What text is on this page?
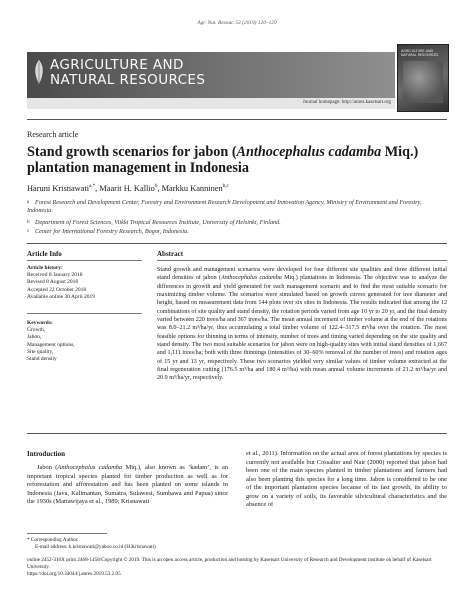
Agr. Nat. Resour. 53 (2019) 120–129
AGRICULTURE AND
NATURAL RESOURCES
Journal homepage: http://anres.kasetsart.org
AGRICULTURE AND NATURAL RESOURCES
Research article
Stand growth scenarios for jabon (Anthocephalus cadamba Miq.) plantation management in Indonesia
Haruni Krisnawati$^{a,*}$, Maarit H. Kallio$^b$, Markku Kanninen$^{b,c}$
a Forest Research and Development Center, Forestry and Environment Research Development and Innovation Agency, Ministry of Environment and Forestry, Indonesia.
b Department of Forest Sciences, Viikki Tropical Resources Institute, University of Helsinki, Finland.
c Center for International Forestry Research, Bogor, Indonesia.
Article Info
Article history:
Received 8 January 2018
Revised 8 August 2018
Accepted 22 October 2018
Available online 30 April 2019
Keywords:
Growth,
Jabon,
Management options,
Site quality,
Stand density
Abstract
Stand growth and management scenarios were developed for four different site qualities and three different initial stand densities of jabon (Anthocephalus cadamba Miq.) plantations in Indonesia. The objective was to analyze the differences in growth and yield generated for each management scenario and to find the most suitable scenario for maximizing timber volume. The scenarios were simulated based on growth curves generated for tree diameter and height, based on measurement data from 144 plots over six sites in Indonesia. The results indicated that among the 12 combinations of site quality and stand density, the rotation periods varied from age 10 yr to 20 yr, and the final density varied between 220 trees/ha and 367 trees/ha. The mean annual increment of timber volume at the end of the rotations was 8.0–21.2 m³/ha/yr, thus accumulating a total timber volume of 122.4–317.5 m³/ha over the rotation. The most feasible options for thinning in terms of intensity, number of trees and timing varied depending on the site quality and stand density. The two most suitable scenarios for jabon were on high-quality sites with initial stand densities of 1,667 and 1,111 trees/ha; both with three thinnings (intensities of 30–60% removal of the number of trees) and rotation ages of 15 yr and 13 yr, respectively. These two scenarios yielded very similar values of timber volume extracted at the final regeneration cutting (176.5 m³/ha and 180.4 m³/ha) with mean annual volume increments of 21.2 m³/ha/yr and 20.9 m³/ha/yr, respectively.
Introduction
Jabon (Anthocephalus cadamba Miq.), also known as ‘kadam’, is an important tropical species planted for timber production as well as for reforestation and afforestation and has been planted on some islands in Indonesia (Java, Kalimantan, Sumatra, Sulawesi, Sumbawa and Papua) since the 1930s (Martawijaya et al., 1989; Krisnawati
et al., 2011). Information on the actual area of forest plantations by species is currently not available but Cossalter and Nair (2000) reported that jabon had been one of the main species planted in timber plantations and farmers had also been planting this species for a long time. Jabon is considered to be one of the important plantation species because of its fast growth, its ability to grow on a variety of soils, its favorable silvicultural characteristics and the absence of
* Corresponding Author.
E-mail address: h.krisnawati@yahoo.co.id (H.Krisnawati)
online 2452-316X print 2468-1458/Copyright © 2019. This is an open access article, production and hosting by Kasetsart University of Research and Development institute on behalf of Kasetsart University.
https://doi.org/10.34044/j.anres.2019.53.2.05
